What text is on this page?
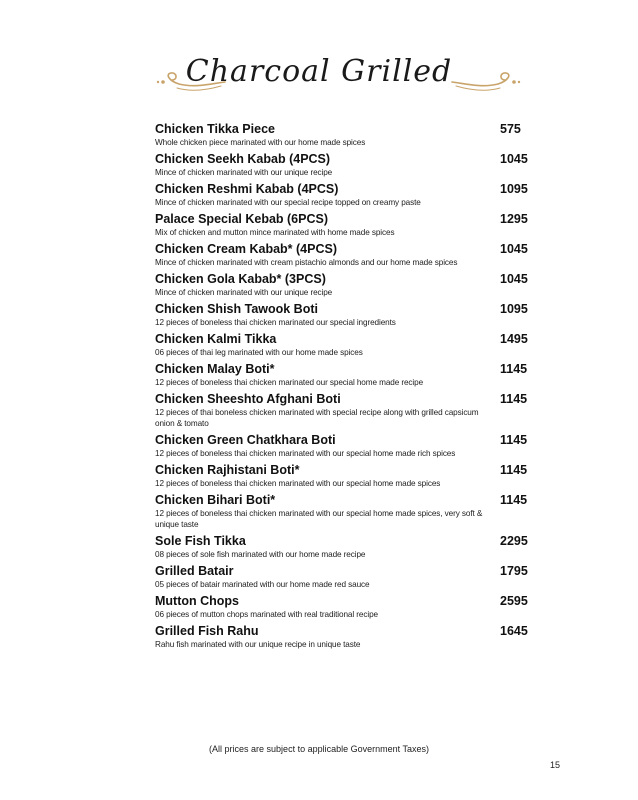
Charcoal Grilled
Chicken Tikka Piece
Whole chicken piece marinated with our home made spices
575
Chicken Seekh Kabab (4PCS)
Mince of chicken marinated with our unique recipe
1045
Chicken Reshmi Kabab (4PCS)
Mince of chicken marinated with our special recipe topped on creamy paste
1095
Palace Special Kebab (6PCS)
Mix of chicken and mutton mince marinated with home made spices
1295
Chicken Cream Kabab* (4PCS)
Mince of chicken marinated with cream pistachio almonds and our home made spices
1045
Chicken Gola Kabab* (3PCS)
Mince of chicken marinated with our unique recipe
1045
Chicken Shish Tawook Boti
12 pieces of boneless thai chicken marinated our special ingredients
1095
Chicken Kalmi Tikka
06 pieces of thai leg marinated with our home made spices
1495
Chicken Malay Boti*
12 pieces of boneless thai chicken marinated our special home made recipe
1145
Chicken Sheeshto Afghani Boti
12 pieces of thai boneless chicken marinated with special recipe along with grilled capsicum onion & tomato
1145
Chicken Green Chatkhara Boti
12 pieces of boneless thai chicken marinated with our special home made rich spices
1145
Chicken Rajhistani Boti*
12 pieces of boneless thai chicken marinated with our special home made spices
1145
Chicken Bihari Boti*
12 pieces of boneless thai chicken marinated with our special home made spices, very soft & unique taste
1145
Sole Fish Tikka
08 pieces of sole fish marinated with our home made recipe
2295
Grilled Batair
05 pieces of batair marinated with our home made red sauce
1795
Mutton Chops
06 pieces of mutton chops marinated with real traditional recipe
2595
Grilled Fish Rahu
Rahu fish marinated with our unique recipe in unique taste
1645
(All prices are subject to applicable Government Taxes)
15
